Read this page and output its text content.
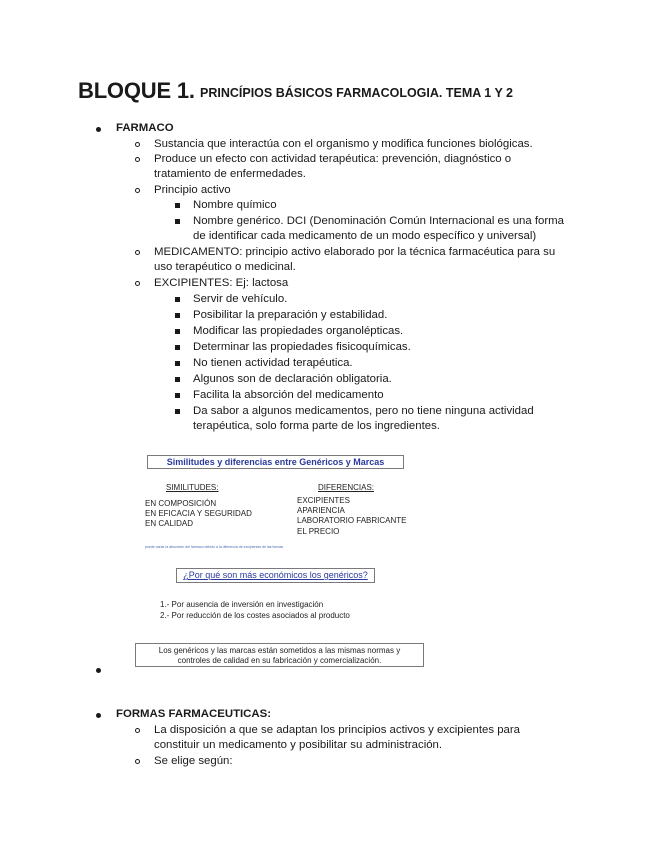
BLOQUE 1. PRINCÍPIOS BÁSICOS FARMACOLOGIA. TEMA 1 Y 2
FARMACO
Sustancia que interactúa con el organismo y modifica funciones biológicas.
Produce un efecto con actividad terapéutica: prevención, diagnóstico o
tratamiento de enfermedades.
Principio activo
Nombre químico
Nombre genérico. DCI (Denominación Común Internacional es una forma
de identificar cada medicamento de un modo específico y universal)
MEDICAMENTO: principio activo elaborado por la técnica farmacéutica para su
uso terapéutico o medicinal.
EXCIPIENTES: Ej: lactosa
Servir de vehículo.
Posibilitar la preparación y estabilidad.
Modificar las propiedades organolépticas.
Determinar las propiedades fisicoquímicas.
No tienen actividad terapéutica.
Algunos son de declaración obligatoria.
Facilita la absorción del medicamento
Da sabor a algunos medicamentos, pero no tiene ninguna actividad
terapéutica, solo forma parte de los ingredientes.
Similitudes y diferencias entre Genéricos y Marcas
SIMILITUDES:
EN COMPOSICIÓN
EN EFICACIA Y SEGURIDAD
EN CALIDAD
DIFERENCIAS:
EXCIPIENTES
APARIENCIA
LABORATORIO FABRICANTE
EL PRECIO
puede variar la absorción del fármaco debido a la diferencia de excipientes de las formas
¿Por qué son más económicos los genéricos?
1.- Por ausencia de inversión en investigación
2.- Por reducción de los costes asociados al producto
Los genéricos y las marcas están sometidos a las mismas normas y
controles de calidad en su fabricación y comercialización.
FORMAS FARMACEUTICAS:
La disposición a que se adaptan los principios activos y excipientes para
constituir un medicamento y posibilitar su administración.
Se elige según:
